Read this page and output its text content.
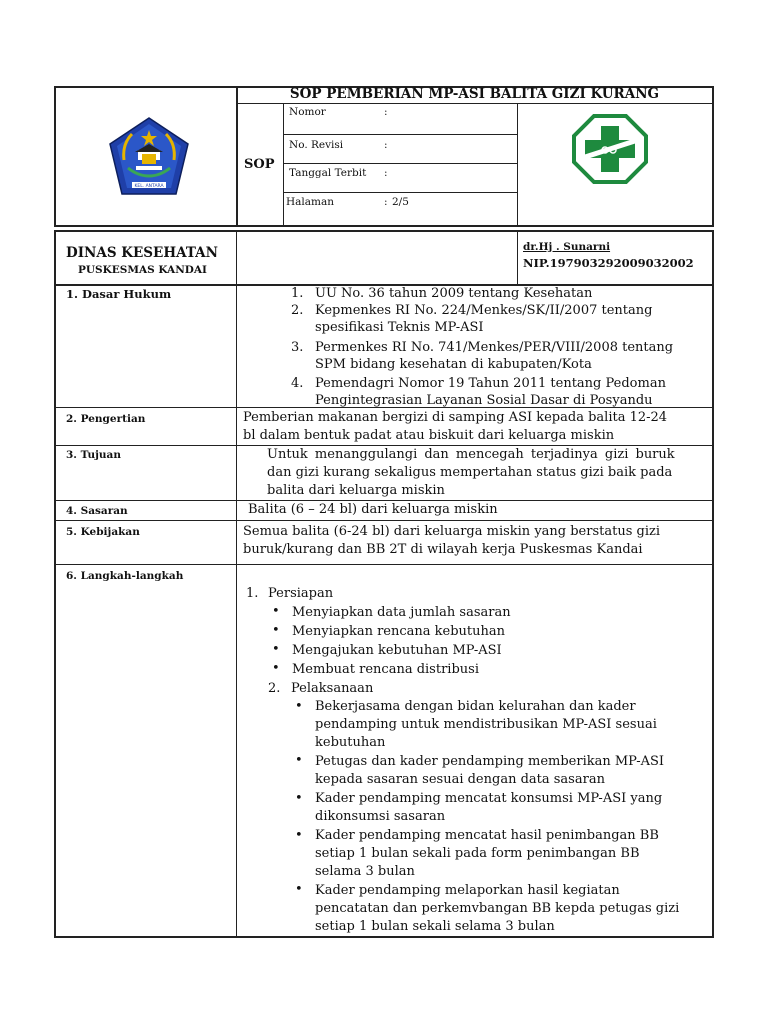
KEL. ANTARA
SOP PEMBERIAN MP-ASI BALITA GIZI KURANG
SOP
Nomor	:
No. Revisi	:
Tanggal Terbit :
Halaman	: 2/5
DINAS KESEHATAN
PUSKESMAS KANDAI
dr.Hj . Sunarni
NIP.197903292009032002
1. Dasar Hukum	1. UU No. 36 tahun 2009 tentang Kesehatan
2. Kepmenkes RI No. 224/Menkes/SK/II/2007 tentang
spesifikasi Teknis MP-ASI
3. Permenkes RI No. 741/Menkes/PER/VIII/2008 tentang
SPM bidang kesehatan di kabupaten/Kota
4. Pemendagri Nomor 19 Tahun 2011 tentang Pedoman
Pengintegrasian Layanan Sosial Dasar di Posyandu
2. Pengertian	Pemberian makanan bergizi di samping ASI kepada balita 12-24
bl dalam bentuk padat atau biskuit dari keluarga miskin
3. Tujuan	Untuk menanggulangi dan mencegah terjadinya gizi buruk
dan gizi kurang sekaligus mempertahan status gizi baik pada
balita dari keluarga miskin
4. Sasaran	Balita (6 – 24 bl) dari keluarga miskin
5. Kebijakan	Semua balita (6-24 bl) dari keluarga miskin yang berstatus gizi
buruk/kurang dan BB 2T di wilayah kerja Puskesmas Kandai
6. Langkah-langkah
1. Persiapan
• Menyiapkan data jumlah sasaran
• Menyiapkan rencana kebutuhan
• Mengajukan kebutuhan MP-ASI
• Membuat rencana distribusi
2. Pelaksanaan
• Bekerjasama dengan bidan kelurahan dan kader
pendamping untuk mendistribusikan MP-ASI sesuai
kebutuhan
• Petugas dan kader pendamping memberikan MP-ASI
kepada sasaran sesuai dengan data sasaran
• Kader pendamping mencatat konsumsi MP-ASI yang
dikonsumsi sasaran
• Kader pendamping mencatat hasil penimbangan BB
setiap 1 bulan sekali pada form penimbangan BB
selama 3 bulan
• Kader pendamping melaporkan hasil kegiatan
pencatatan dan perkemvbangan BB kepda petugas gizi
setiap 1 bulan sekali selama 3 bulan
